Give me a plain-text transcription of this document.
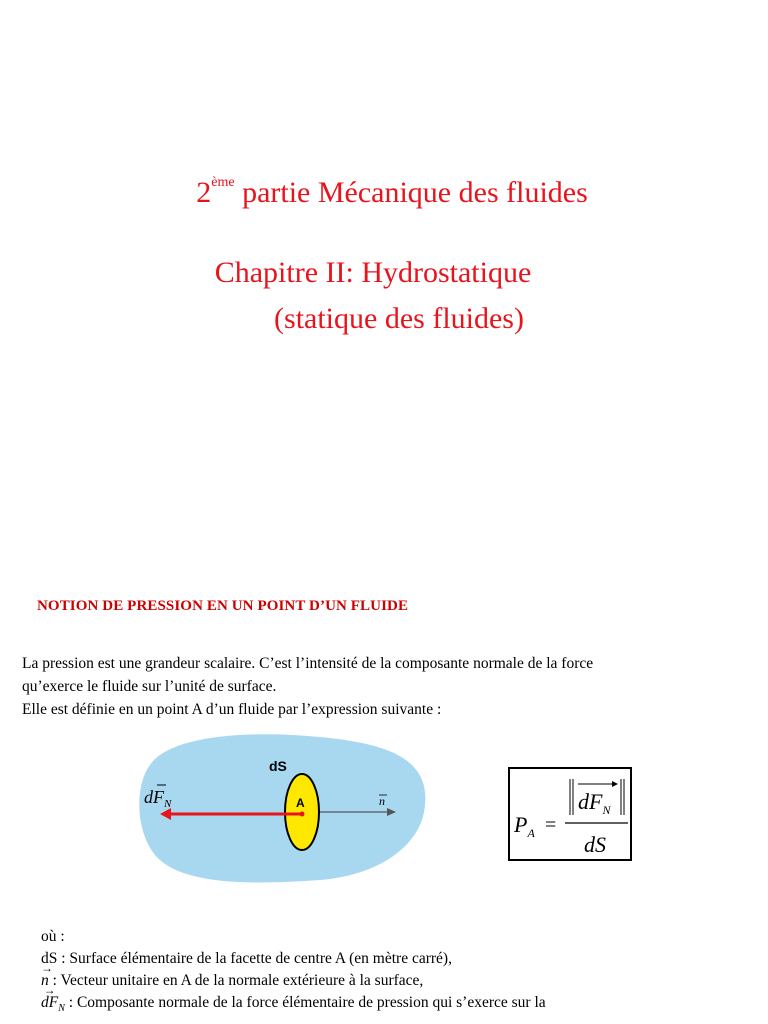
2ème partie Mécanique des fluides
Chapitre II: Hydrostatique
(statique des fluides)
NOTION DE PRESSION EN UN POINT D’UN FLUIDE
La pression est une grandeur scalaire. C’est l’intensité de la composante normale de la force
qu’exerce le fluide sur l’unité de surface.
Elle est définie en un point A d’un fluide par l’expression suivante :
A
dS
$dF_N$	n
$P_A$ =
$dF_N$
dS
où :
dS : Surface élémentaire de la facette de centre A (en mètre carré),
→ n : Vecteur unitaire en A de la normale extérieure à la surface,
→ $dF_N$ : Composante normale de la force élémentaire de pression qui s’exerce sur la
